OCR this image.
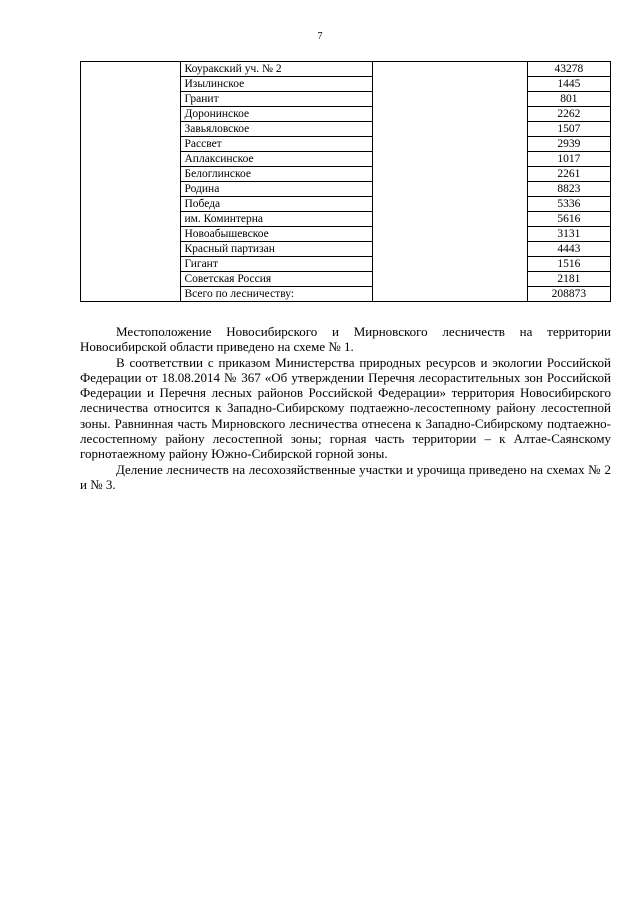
7
	Коуракский уч. № 2		43278
	Изылинское		1445
	Гранит		801
	Доронинское		2262
	Завьяловское		1507
	Рассвет		2939
	Аплаксинское		1017
	Белоглинское		2261
	Родина		8823
	Победа		5336
	им. Коминтерна		5616
	Новоабышевское		3131
	Красный партизан		4443
	Гигант		1516
	Советская Россия		2181
	Всего по лесничеству:		208873

Местоположение Новосибирского и Мирновского лесничеств на территории Новосибирской области приведено на схеме № 1.

В соответствии с приказом Министерства природных ресурсов и экологии Российской Федерации от 18.08.2014 № 367 «Об утверждении Перечня лесорастительных зон Российской Федерации и Перечня лесных районов Российской Федерации» территория Новосибирского лесничества относится к Западно-Сибирскому подтаежно-лесостепному району лесостепной зоны. Равнинная часть Мирновского лесничества отнесена к Западно-Сибирскому подтаежно-лесостепному району лесостепной зоны; горная часть территории – к Алтае-Саянскому горнотаежному району Южно-Сибирской горной зоны.

Деление лесничеств на лесохозяйственные участки и урочища приведено на схемах № 2 и № 3.
